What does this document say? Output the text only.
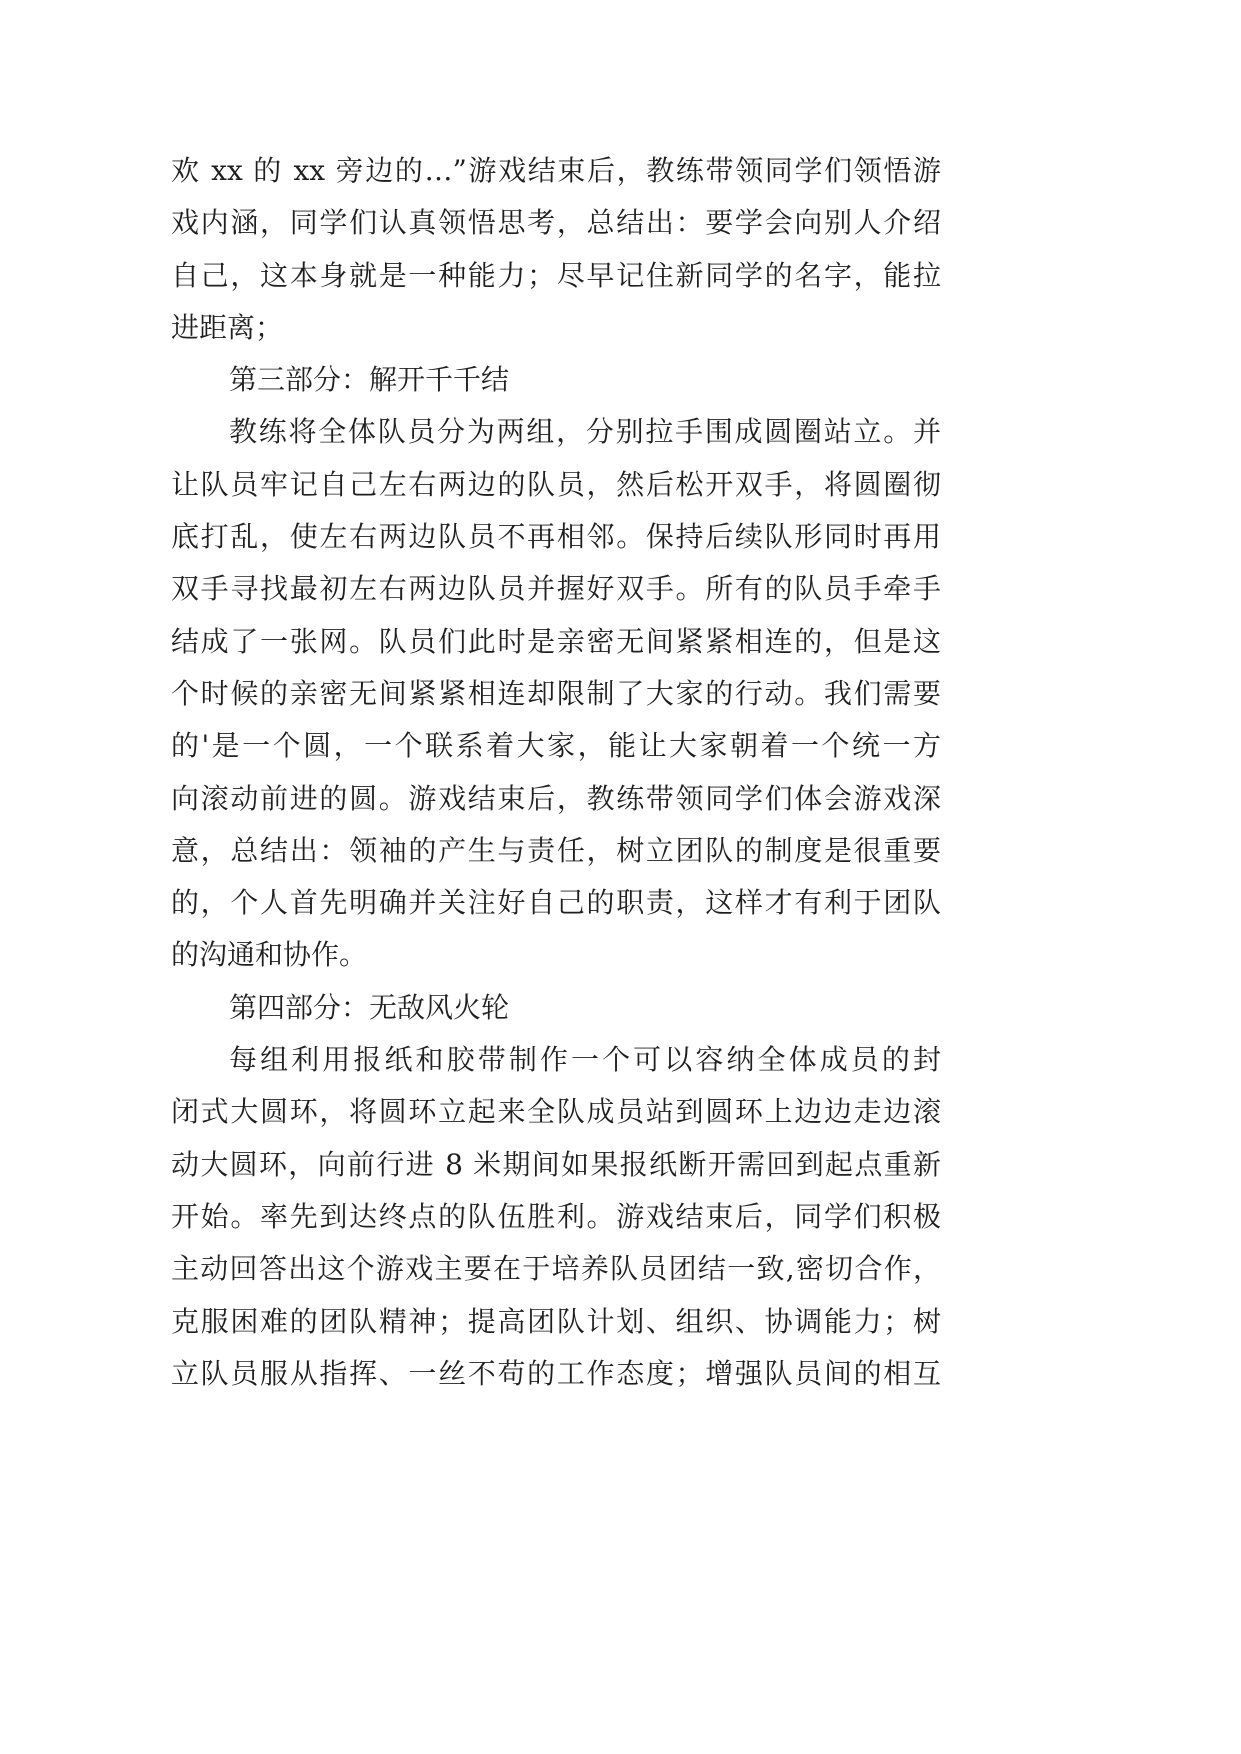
欢 xx 的 xx 旁边的…”游戏结束后，教练带领同学们领悟游
戏内涵，同学们认真领悟思考，总结出：要学会向别人介绍
自己，这本身就是一种能力；尽早记住新同学的名字，能拉
进距离；
第三部分：解开千千结
教练将全体队员分为两组，分别拉手围成圆圈站立。并
让队员牢记自己左右两边的队员，然后松开双手，将圆圈彻
底打乱，使左右两边队员不再相邻。保持后续队形同时再用
双手寻找最初左右两边队员并握好双手。所有的队员手牵手
结成了一张网。队员们此时是亲密无间紧紧相连的，但是这
个时候的亲密无间紧紧相连却限制了大家的行动。我们需要
的'是一个圆，一个联系着大家，能让大家朝着一个统一方
向滚动前进的圆。游戏结束后，教练带领同学们体会游戏深
意，总结出：领袖的产生与责任，树立团队的制度是很重要
的，个人首先明确并关注好自己的职责，这样才有利于团队
的沟通和协作。
第四部分：无敌风火轮
每组利用报纸和胶带制作一个可以容纳全体成员的封
闭式大圆环，将圆环立起来全队成员站到圆环上边边走边滚
动大圆环，向前行进 8 米期间如果报纸断开需回到起点重新
开始。率先到达终点的队伍胜利。游戏结束后，同学们积极
主动回答出这个游戏主要在于培养队员团结一致,密切合作，
克服困难的团队精神；提高团队计划、组织、协调能力；树
立队员服从指挥、一丝不苟的工作态度；增强队员间的相互
